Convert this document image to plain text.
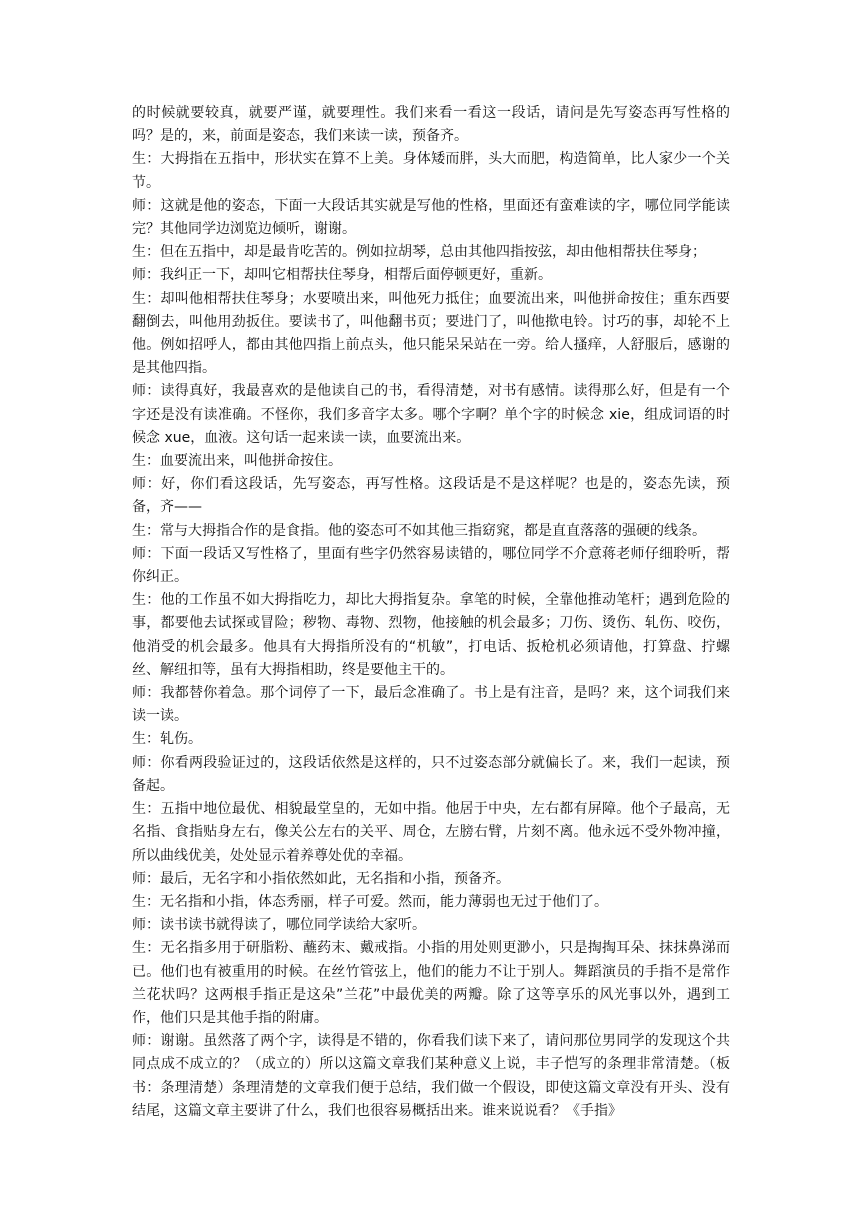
的时候就要较真，就要严谨，就要理性。我们来看一看这一段话，请问是先写姿态再写性格的吗？是的，来，前面是姿态，我们来读一读，预备齐。

生：大拇指在五指中，形状实在算不上美。身体矮而胖，头大而肥，构造简单，比人家少一个关节。

师：这就是他的姿态，下面一大段话其实就是写他的性格，里面还有蛮难读的字，哪位同学能读完？其他同学边浏览边倾听，谢谢。

生：但在五指中，却是最肯吃苦的。例如拉胡琴，总由其他四指按弦，却由他相帮扶住琴身；

师：我纠正一下，却叫它相帮扶住琴身，相帮后面停顿更好，重新。

生：却叫他相帮扶住琴身；水要喷出来，叫他死力抵住；血要流出来，叫他拼命按住；重东西要翻倒去，叫他用劲扳住。要读书了，叫他翻书页；要进门了，叫他揿电铃。讨巧的事，却轮不上他。例如招呼人，都由其他四指上前点头，他只能呆呆站在一旁。给人搔痒，人舒服后，感谢的是其他四指。

师：读得真好，我最喜欢的是他读自己的书，看得清楚，对书有感情。读得那么好，但是有一个字还是没有读准确。不怪你，我们多音字太多。哪个字啊？单个字的时候念 xie，组成词语的时候念 xue，血液。这句话一起来读一读，血要流出来。

生：血要流出来，叫他拼命按住。

师：好，你们看这段话，先写姿态，再写性格。这段话是不是这样呢？也是的，姿态先读，预备，齐——

生：常与大拇指合作的是食指。他的姿态可不如其他三指窈窕，都是直直落落的强硬的线条。

师：下面一段话又写性格了，里面有些字仍然容易读错的，哪位同学不介意蒋老师仔细聆听，帮你纠正。

生：他的工作虽不如大拇指吃力，却比大拇指复杂。拿笔的时候，全靠他推动笔杆；遇到危险的事，都要他去试探或冒险；秽物、毒物、烈物，他接触的机会最多；刀伤、烫伤、轧伤、咬伤，他消受的机会最多。他具有大拇指所没有的“机敏”，打电话、扳枪机必须请他，打算盘、拧螺丝、解纽扣等，虽有大拇指相助，终是要他主干的。

师：我都替你着急。那个词停了一下，最后念准确了。书上是有注音，是吗？来，这个词我们来读一读。

生：轧伤。

师：你看两段验证过的，这段话依然是这样的，只不过姿态部分就偏长了。来，我们一起读，预备起。

生：五指中地位最优、相貌最堂皇的，无如中指。他居于中央，左右都有屏障。他个子最高，无名指、食指贴身左右，像关公左右的关平、周仓，左膀右臂，片刻不离。他永远不受外物冲撞，所以曲线优美，处处显示着养尊处优的幸福。

师：最后，无名字和小指依然如此，无名指和小指，预备齐。

生：无名指和小指，体态秀丽，样子可爱。然而，能力薄弱也无过于他们了。

师：读书读书就得读了，哪位同学读给大家听。

生：无名指多用于研脂粉、蘸药末、戴戒指。小指的用处则更渺小，只是掏掏耳朵、抹抹鼻涕而已。他们也有被重用的时候。在丝竹管弦上，他们的能力不让于别人。舞蹈演员的手指不是常作兰花状吗？这两根手指正是这朵”兰花”中最优美的两瓣。除了这等享乐的风光事以外，遇到工作，他们只是其他手指的附庸。

师：谢谢。虽然落了两个字，读得是不错的，你看我们读下来了，请问那位男同学的发现这个共同点成不成立的？（成立的）所以这篇文章我们某种意义上说，丰子恺写的条理非常清楚。（板书：条理清楚）条理清楚的文章我们便于总结，我们做一个假设，即使这篇文章没有开头、没有结尾，这篇文章主要讲了什么，我们也很容易概括出来。谁来说说看？《手指》
